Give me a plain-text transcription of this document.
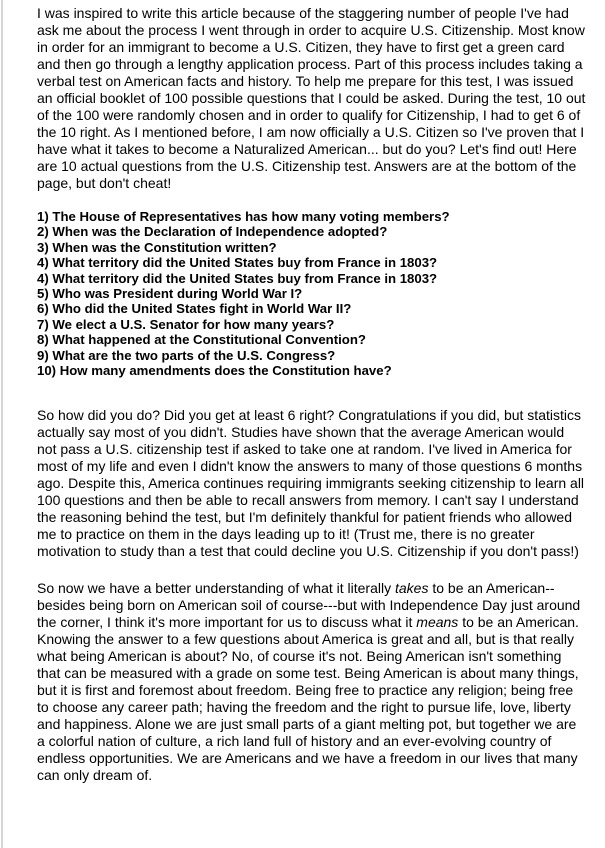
I was inspired to write this article because of the staggering number of people I've had ask me about the process I went through in order to acquire U.S. Citizenship. Most know in order for an immigrant to become a U.S. Citizen, they have to first get a green card and then go through a lengthy application process. Part of this process includes taking a verbal test on American facts and history. To help me prepare for this test, I was issued an official booklet of 100 possible questions that I could be asked. During the test, 10 out of the 100 were randomly chosen and in order to qualify for Citizenship, I had to get 6 of the 10 right. As I mentioned before, I am now officially a U.S. Citizen so I've proven that I have what it takes to become a Naturalized American... but do you? Let's find out! Here are 10 actual questions from the U.S. Citizenship test. Answers are at the bottom of the page, but don't cheat!

1) The House of Representatives has how many voting members?
2) When was the Declaration of Independence adopted?
3) When was the Constitution written?
4) What territory did the United States buy from France in 1803?
4) What territory did the United States buy from France in 1803?
5) Who was President during World War I?
6) Who did the United States fight in World War II?
7) We elect a U.S. Senator for how many years?
8) What happened at the Constitutional Convention?
9) What are the two parts of the U.S. Congress?
10) How many amendments does the Constitution have?

So how did you do? Did you get at least 6 right? Congratulations if you did, but statistics actually say most of you didn't. Studies have shown that the average American would not pass a U.S. citizenship test if asked to take one at random. I've lived in America for most of my life and even I didn't know the answers to many of those questions 6 months ago. Despite this, America continues requiring immigrants seeking citizenship to learn all 100 questions and then be able to recall answers from memory. I can't say I understand the reasoning behind the test, but I'm definitely thankful for patient friends who allowed me to practice on them in the days leading up to it! (Trust me, there is no greater motivation to study than a test that could decline you U.S. Citizenship if you don't pass!)

So now we have a better understanding of what it literally takes to be an American--besides being born on American soil of course---but with Independence Day just around the corner, I think it's more important for us to discuss what it means to be an American. Knowing the answer to a few questions about America is great and all, but is that really what being American is about? No, of course it's not. Being American isn't something that can be measured with a grade on some test. Being American is about many things, but it is first and foremost about freedom. Being free to practice any religion; being free to choose any career path; having the freedom and the right to pursue life, love, liberty and happiness. Alone we are just small parts of a giant melting pot, but together we are a colorful nation of culture, a rich land full of history and an ever-evolving country of endless opportunities. We are Americans and we have a freedom in our lives that many can only dream of.
